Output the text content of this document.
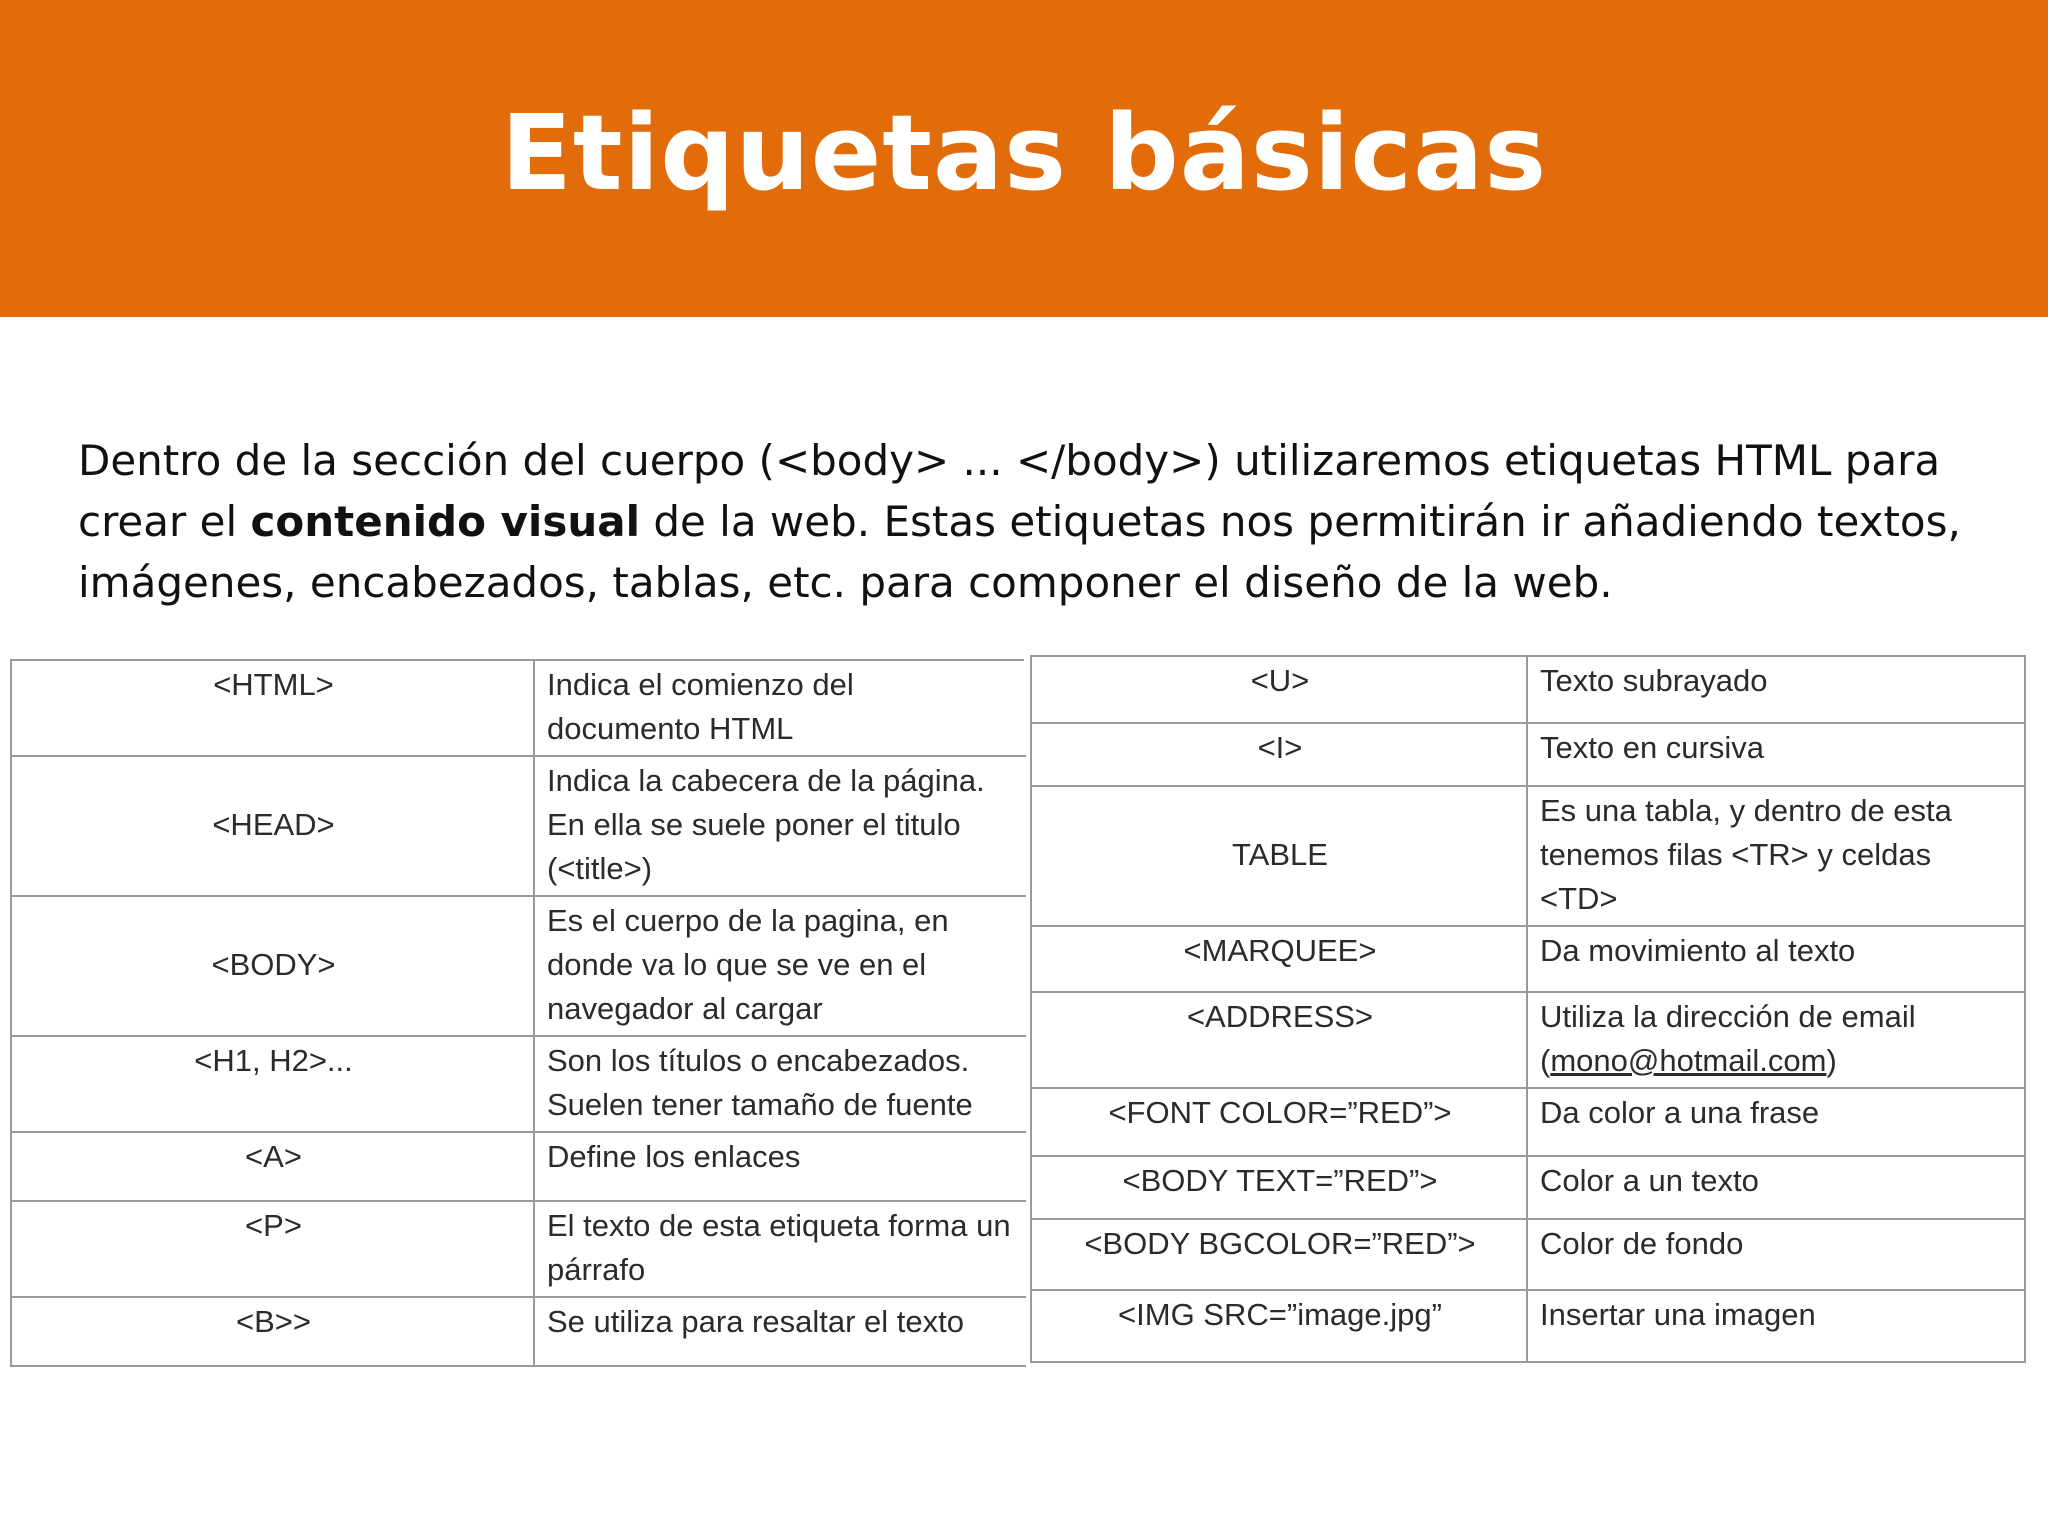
Etiquetas básicas

Dentro de la sección del cuerpo (<body> ... </body>) utilizaremos etiquetas HTML para crear el contenido visual de la web. Estas etiquetas nos permitirán ir añadiendo textos, imágenes, encabezados, tablas, etc. para componer el diseño de la web.

<HTML>	Indica el comienzo del documento HTML
<HEAD>	Indica la cabecera de la página. En ella se suele poner el titulo (<title>)
<BODY>	Es el cuerpo de la pagina, en donde va lo que se ve en el navegador al cargar
<H1, H2>...	Son los títulos o encabezados. Suelen tener tamaño de fuente
<A>	Define los enlaces
<P>	El texto de esta etiqueta forma un párrafo
<B>>	Se utiliza para resaltar el texto
<U>	Texto subrayado
<I>	Texto en cursiva
TABLE	Es una tabla, y dentro de esta tenemos filas <TR> y celdas <TD>
<MARQUEE>	Da movimiento al texto
<ADDRESS>	Utiliza la dirección de email (mono@hotmail.com)
<FONT COLOR=”RED”>	Da color a una frase
<BODY TEXT=”RED”>	Color a un texto
<BODY BGCOLOR=”RED”>	Color de fondo
<IMG SRC=”image.jpg”	Insertar una imagen
